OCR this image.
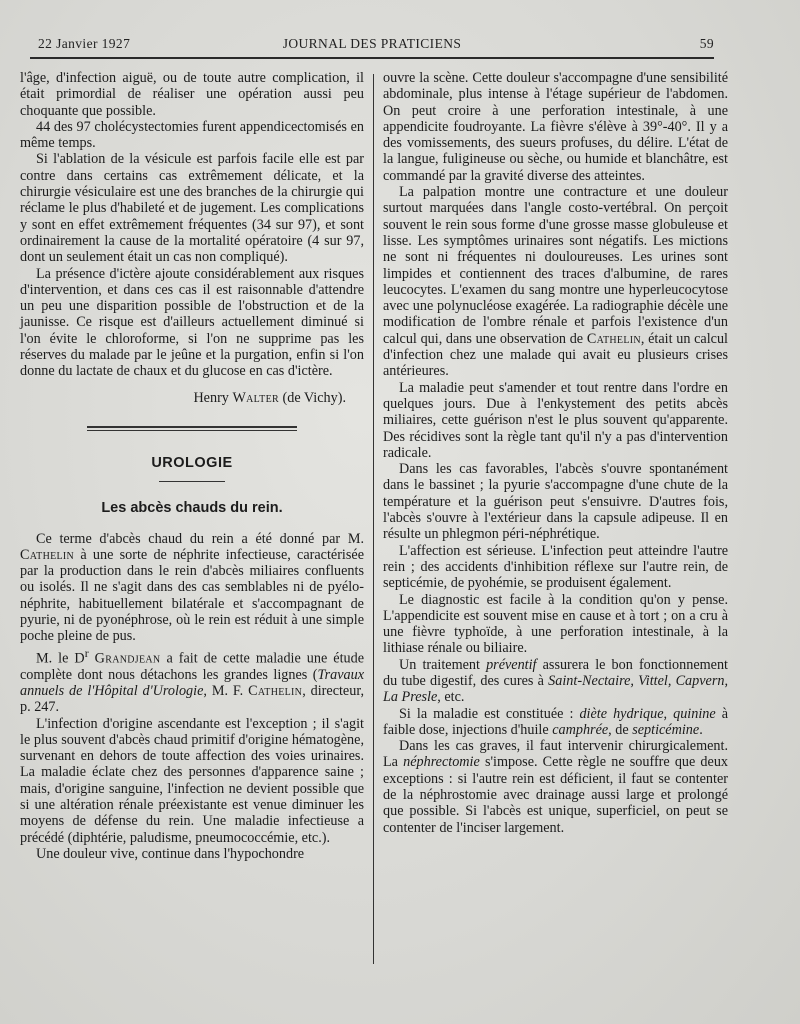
22 Janvier 1927	JOURNAL DES PRATICIENS	59

l'âge, d'infection aiguë, ou de toute autre complication, il était primordial de réaliser une opération aussi peu choquante que possible.

44 des 97 cholécystectomies furent appendicectomisés en même temps.

Si l'ablation de la vésicule est parfois facile elle est par contre dans certains cas extrêmement délicate, et la chirurgie vésiculaire est une des branches de la chirurgie qui réclame le plus d'habileté et de jugement. Les complications y sont en effet extrêmement fréquentes (34 sur 97), et sont ordinairement la cause de la mortalité opératoire (4 sur 97, dont un seulement était un cas non compliqué).

La présence d'ictère ajoute considérablement aux risques d'intervention, et dans ces cas il est raisonnable d'attendre un peu une disparition possible de l'obstruction et de la jaunisse. Ce risque est d'ailleurs actuellement diminué si l'on évite le chloroforme, si l'on ne supprime pas les réserves du malade par le jeûne et la purgation, enfin si l'on donne du lactate de chaux et du glucose en cas d'ictère.

Henry Walter (de Vichy).
UROLOGIE
Les abcès chauds du rein.

Ce terme d'abcès chaud du rein a été donné par M. Cathelin à une sorte de néphrite infectieuse, caractérisée par la production dans le rein d'abcès miliaires confluents ou isolés. Il ne s'agit dans des cas semblables ni de pyélo-néphrite, habituellement bilatérale et s'accompagnant de pyurie, ni de pyonéphrose, où le rein est réduit à une simple poche pleine de pus.

M. le $D^r$ Grandjean a fait de cette maladie une étude complète dont nous détachons les grandes lignes (Travaux annuels de l'Hôpital d'Urologie, M. F. Cathelin, directeur, p. 247.

L'infection d'origine ascendante est l'exception ; il s'agit le plus souvent d'abcès chaud primitif d'origine hématogène, survenant en dehors de toute affection des voies urinaires. La maladie éclate chez des personnes d'apparence saine ; mais, d'origine sanguine, l'infection ne devient possible que si une altération rénale préexistante est venue diminuer les moyens de défense du rein. Une maladie infectieuse a précédé (diphtérie, paludisme, pneumococcémie, etc.).

Une douleur vive, continue dans l'hypochondre

ouvre la scène. Cette douleur s'accompagne d'une sensibilité abdominale, plus intense à l'étage supérieur de l'abdomen. On peut croire à une perforation intestinale, à une appendicite foudroyante. La fièvre s'élève à 39°-40°. Il y a des vomissements, des sueurs profuses, du délire. L'état de la langue, fuligineuse ou sèche, ou humide et blanchâtre, est commandé par la gravité diverse des atteintes.

La palpation montre une contracture et une douleur surtout marquées dans l'angle costo-vertébral. On perçoit souvent le rein sous forme d'une grosse masse globuleuse et lisse. Les symptômes urinaires sont négatifs. Les mictions ne sont ni fréquentes ni douloureuses. Les urines sont limpides et contiennent des traces d'albumine, de rares leucocytes. L'examen du sang montre une hyperleucocytose avec une polynucléose exagérée. La radiographie décèle une modification de l'ombre rénale et parfois l'existence d'un calcul qui, dans une observation de Cathelin, était un calcul d'infection chez une malade qui avait eu plusieurs crises antérieures.

La maladie peut s'amender et tout rentre dans l'ordre en quelques jours. Due à l'enkystement des petits abcès miliaires, cette guérison n'est le plus souvent qu'apparente. Des récidives sont la règle tant qu'il n'y a pas d'intervention radicale.

Dans les cas favorables, l'abcès s'ouvre spontanément dans le bassinet ; la pyurie s'accompagne d'une chute de la température et la guérison peut s'ensuivre. D'autres fois, l'abcès s'ouvre à l'extérieur dans la capsule adipeuse. Il en résulte un phlegmon péri-néphrétique.

L'affection est sérieuse. L'infection peut atteindre l'autre rein ; des accidents d'inhibition réflexe sur l'autre rein, de septicémie, de pyohémie, se produisent également.

Le diagnostic est facile à la condition qu'on y pense. L'appendicite est souvent mise en cause et à tort ; on a cru à une fièvre typhoïde, à une perforation intestinale, à la lithiase rénale ou biliaire.

Un traitement préventif assurera le bon fonctionnement du tube digestif, des cures à Saint-Nectaire, Vittel, Capvern, La Presle, etc.

Si la maladie est constituée : diète hydrique, quinine à faible dose, injections d'huile camphrée, de septicémine.

Dans les cas graves, il faut intervenir chirurgicalement. La néphrectomie s'impose. Cette règle ne souffre que deux exceptions : si l'autre rein est déficient, il faut se contenter de la néphrostomie avec drainage aussi large et prolongé que possible. Si l'abcès est unique, superficiel, on peut se contenter de l'inciser largement.
